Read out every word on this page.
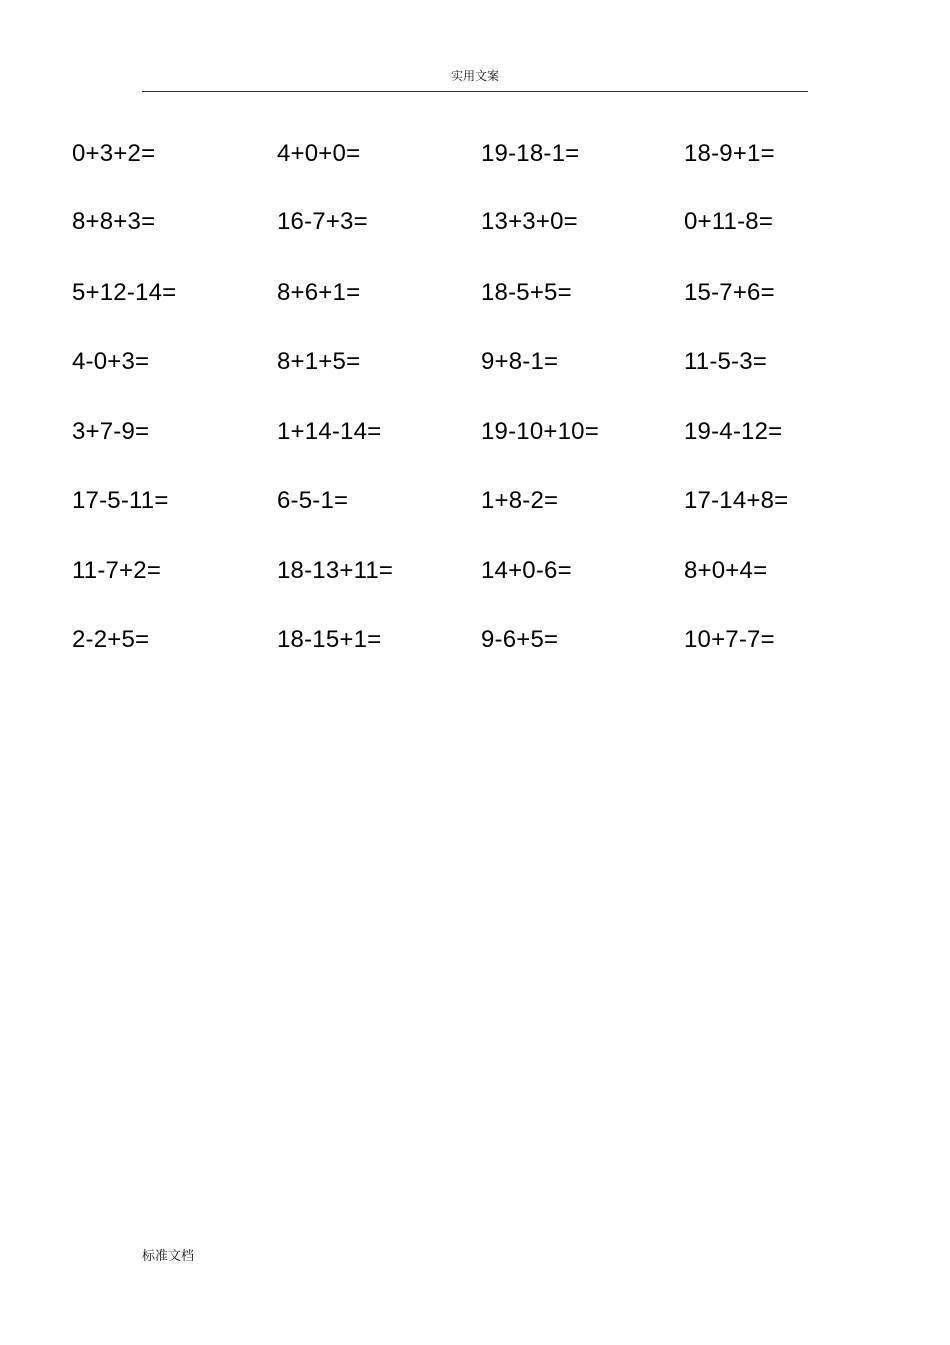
实用文案
0+3+2=	4+0+0=	19-18-1=	18-9+1=
8+8+3=	16-7+3=	13+3+0=	0+11-8=
5+12-14=	8+6+1=	18-5+5=	15-7+6=
4-0+3=	8+1+5=	9+8-1=	11-5-3=
3+7-9=	1+14-14=	19-10+10=	19-4-12=
17-5-11=	6-5-1=	1+8-2=	17-14+8=
11-7+2=	18-13+11=	14+0-6=	8+0+4=
2-2+5=	18-15+1=	9-6+5=	10+7-7=
标准文档
